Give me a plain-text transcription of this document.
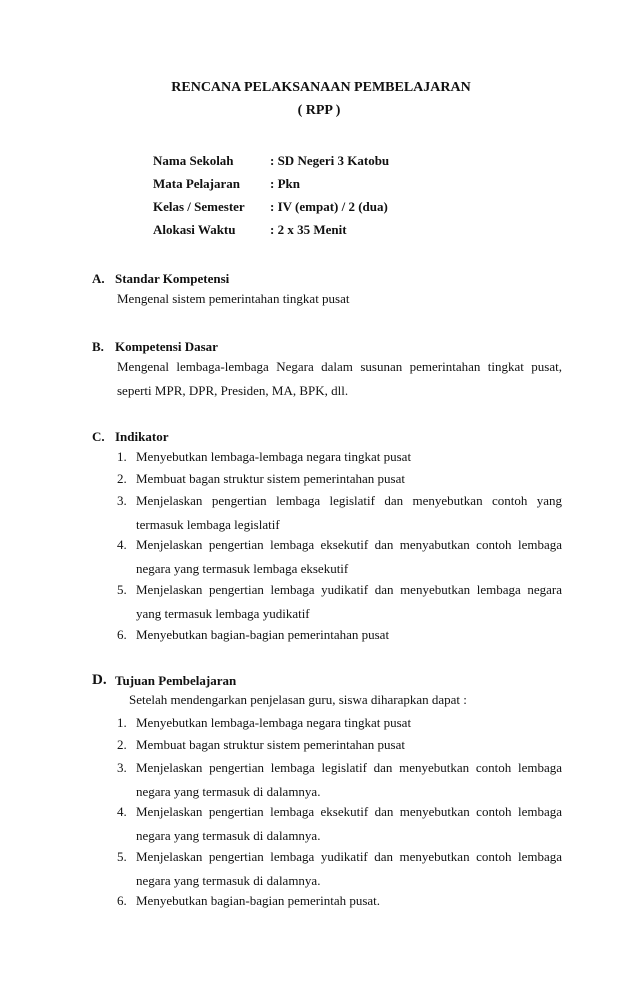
RENCANA PELAKSANAAN PEMBELAJARAN
( RPP )
Nama Sekolah	: SD Negeri 3 Katobu
Mata Pelajaran : Pkn
Kelas / Semester : IV (empat) / 2 (dua)
Alokasi Waktu	: 2 x 35 Menit
A. Standar Kompetensi
Mengenal sistem pemerintahan tingkat pusat
B. Kompetensi Dasar
Mengenal lembaga-lembaga Negara dalam susunan pemerintahan tingkat pusat, seperti MPR, DPR, Presiden, MA, BPK, dll.
C. Indikator
1. Menyebutkan lembaga-lembaga negara tingkat pusat
2. Membuat bagan struktur sistem pemerintahan pusat
3. Menjelaskan pengertian lembaga legislatif dan menyebutkan contoh yang termasuk lembaga legislatif
4. Menjelaskan pengertian lembaga eksekutif dan menyabutkan contoh lembaga negara yang termasuk lembaga eksekutif
5. Menjelaskan pengertian lembaga yudikatif dan menyebutkan lembaga negara yang termasuk lembaga yudikatif
6. Menyebutkan bagian-bagian pemerintahan pusat
D. Tujuan Pembelajaran
Setelah mendengarkan penjelasan guru, siswa diharapkan dapat :
1. Menyebutkan lembaga-lembaga negara tingkat pusat
2. Membuat bagan struktur sistem pemerintahan pusat
3. Menjelaskan pengertian lembaga legislatif dan menyebutkan contoh lembaga negara yang termasuk di dalamnya.
4. Menjelaskan pengertian lembaga eksekutif dan menyebutkan contoh lembaga negara yang termasuk di dalamnya.
5. Menjelaskan pengertian lembaga yudikatif dan menyebutkan contoh lembaga negara yang termasuk di dalamnya.
6. Menyebutkan bagian-bagian pemerintah pusat.
